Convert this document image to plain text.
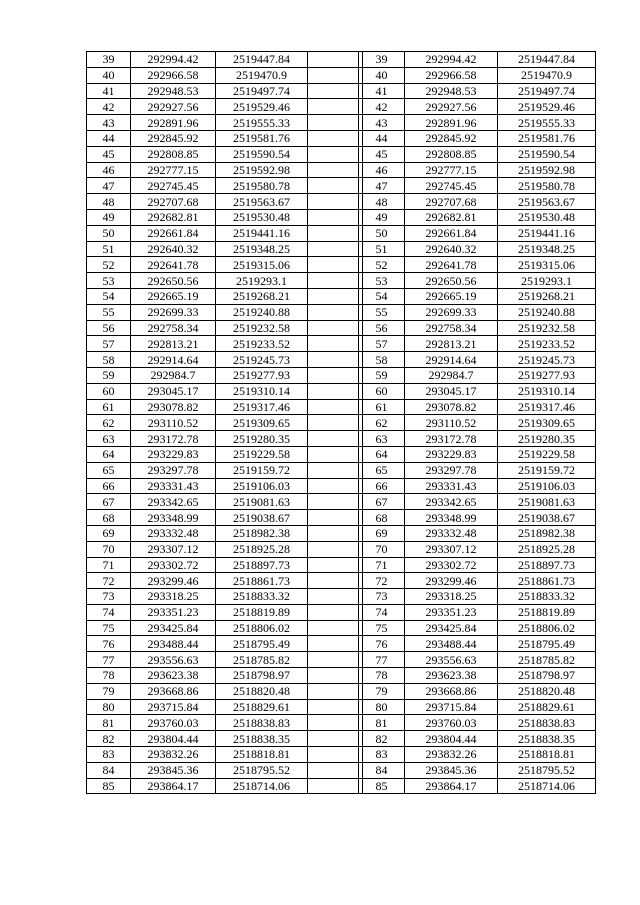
39	292994.42	2519447.84	
40	292966.58	2519470.9	
41	292948.53	2519497.74	
42	292927.56	2519529.46	
43	292891.96	2519555.33	
44	292845.92	2519581.76	
45	292808.85	2519590.54	
46	292777.15	2519592.98	
47	292745.45	2519580.78	
48	292707.68	2519563.67	
49	292682.81	2519530.48	
50	292661.84	2519441.16	
51	292640.32	2519348.25	
52	292641.78	2519315.06	
53	292650.56	2519293.1	
54	292665.19	2519268.21	
55	292699.33	2519240.88	
56	292758.34	2519232.58	
57	292813.21	2519233.52	
58	292914.64	2519245.73	
59	292984.7	2519277.93	
60	293045.17	2519310.14	
61	293078.82	2519317.46	
62	293110.52	2519309.65	
63	293172.78	2519280.35	
64	293229.83	2519229.58	
65	293297.78	2519159.72	
66	293331.43	2519106.03	
67	293342.65	2519081.63	
68	293348.99	2519038.67	
69	293332.48	2518982.38	
70	293307.12	2518925.28	
71	293302.72	2518897.73	
72	293299.46	2518861.73	
73	293318.25	2518833.32	
74	293351.23	2518819.89	
75	293425.84	2518806.02	
76	293488.44	2518795.49	
77	293556.63	2518785.82	
78	293623.38	2518798.97	
79	293668.86	2518820.48	
80	293715.84	2518829.61	
81	293760.03	2518838.83	
82	293804.44	2518838.35	
83	293832.26	2518818.81	
84	293845.36	2518795.52	
85	293864.17	2518714.06	
39	292994.42	2519447.84
40	292966.58	2519470.9
41	292948.53	2519497.74
42	292927.56	2519529.46
43	292891.96	2519555.33
44	292845.92	2519581.76
45	292808.85	2519590.54
46	292777.15	2519592.98
47	292745.45	2519580.78
48	292707.68	2519563.67
49	292682.81	2519530.48
50	292661.84	2519441.16
51	292640.32	2519348.25
52	292641.78	2519315.06
53	292650.56	2519293.1
54	292665.19	2519268.21
55	292699.33	2519240.88
56	292758.34	2519232.58
57	292813.21	2519233.52
58	292914.64	2519245.73
59	292984.7	2519277.93
60	293045.17	2519310.14
61	293078.82	2519317.46
62	293110.52	2519309.65
63	293172.78	2519280.35
64	293229.83	2519229.58
65	293297.78	2519159.72
66	293331.43	2519106.03
67	293342.65	2519081.63
68	293348.99	2519038.67
69	293332.48	2518982.38
70	293307.12	2518925.28
71	293302.72	2518897.73
72	293299.46	2518861.73
73	293318.25	2518833.32
74	293351.23	2518819.89
75	293425.84	2518806.02
76	293488.44	2518795.49
77	293556.63	2518785.82
78	293623.38	2518798.97
79	293668.86	2518820.48
80	293715.84	2518829.61
81	293760.03	2518838.83
82	293804.44	2518838.35
83	293832.26	2518818.81
84	293845.36	2518795.52
85	293864.17	2518714.06
